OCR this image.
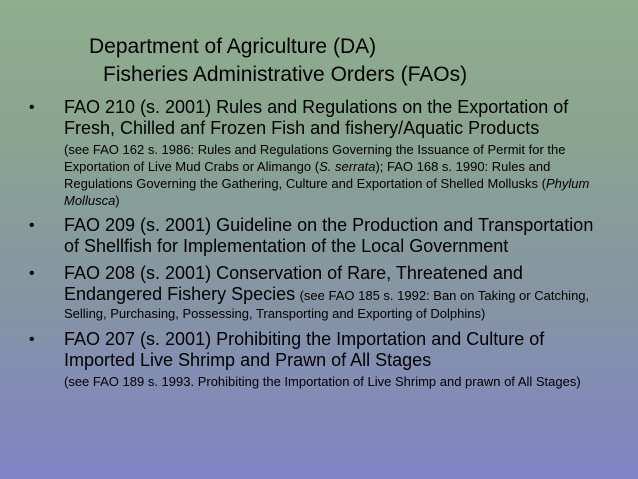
Department of Agriculture (DA)
Fisheries Administrative Orders (FAOs)
• FAO 210 (s. 2001) Rules and Regulations on the Exportation of Fresh, Chilled anf Frozen Fish and fishery/Aquatic Products
(see FAO 162 s. 1986: Rules and Regulations Governing the Issuance of Permit for the Exportation of Live Mud Crabs or Alimango (S. serrata); FAO 168 s. 1990: Rules and Regulations Governing the Gathering, Culture and Exportation of Shelled Mollusks (Phylum Mollusca)
• FAO 209 (s. 2001) Guideline on the Production and Transportation of Shellfish for Implementation of the Local Government
• FAO 208 (s. 2001) Conservation of Rare, Threatened and Endangered Fishery Species (see FAO 185 s. 1992: Ban on Taking or Catching, Selling, Purchasing, Possessing, Transporting and Exporting of Dolphins)
• FAO 207 (s. 2001) Prohibiting the Importation and Culture of Imported Live Shrimp and Prawn of All Stages
(see FAO 189 s. 1993. Prohibiting the Importation of Live Shrimp and prawn of All Stages)
